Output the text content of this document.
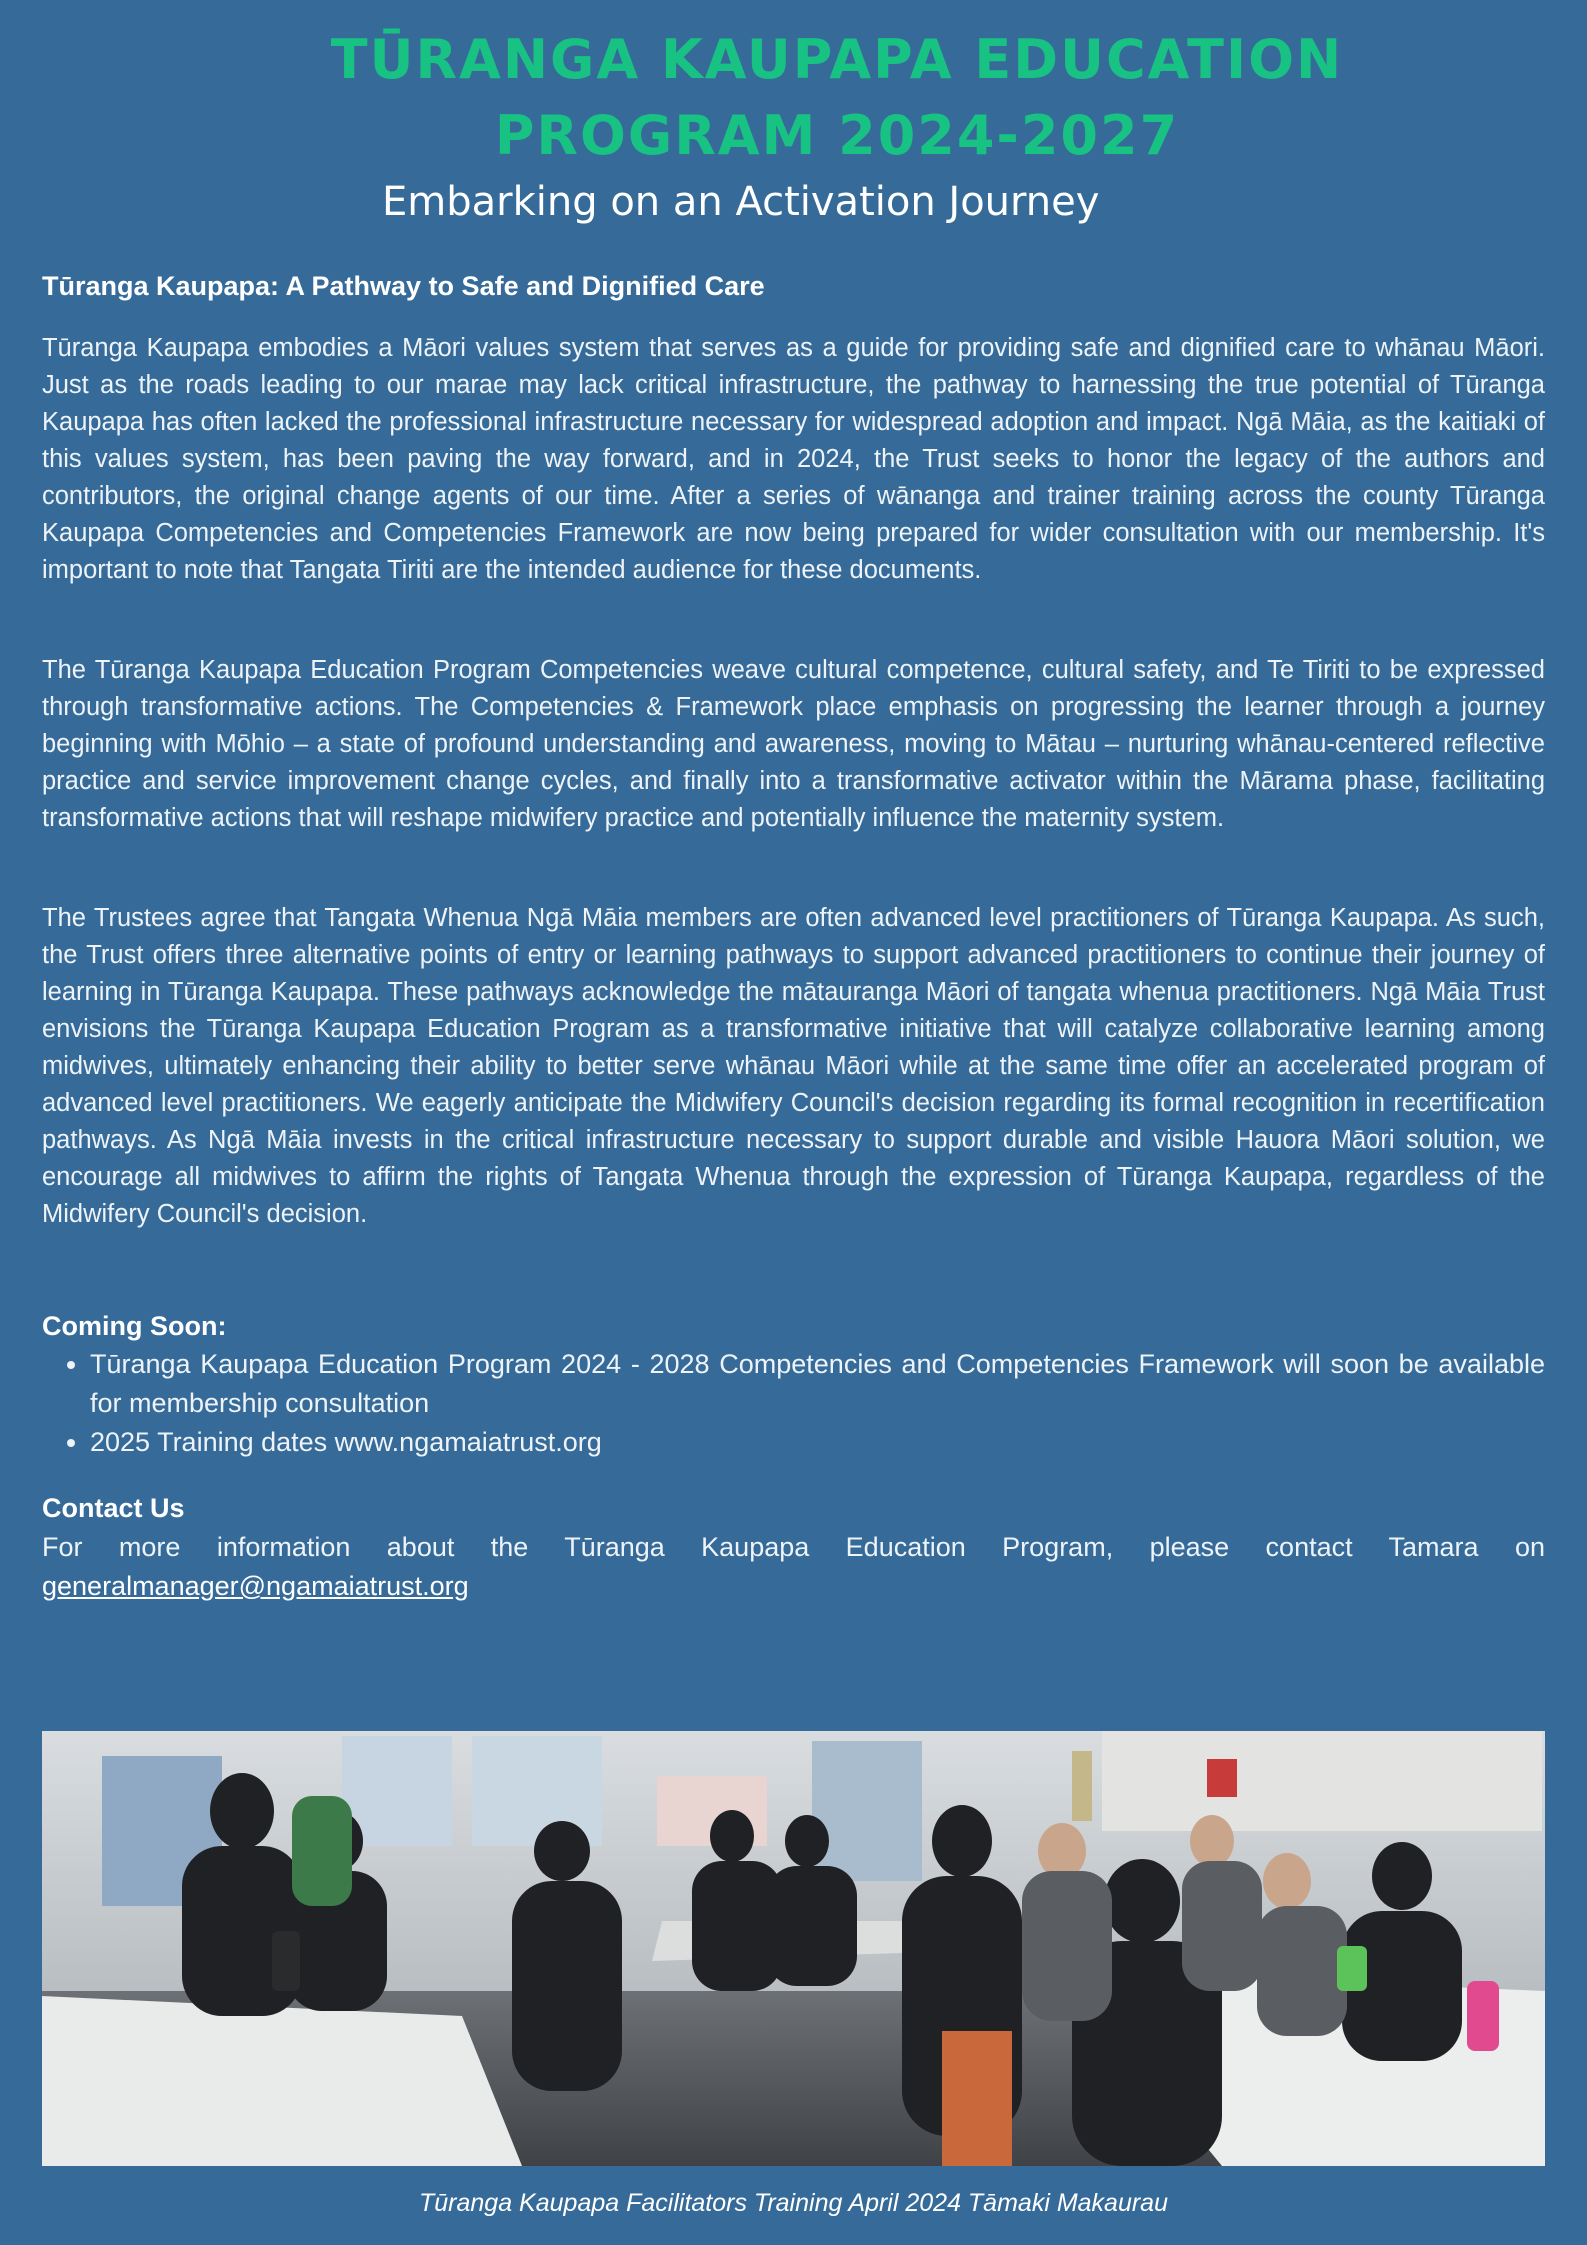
TŪRANGA KAUPAPA EDUCATION PROGRAM 2024-2027
Embarking on an Activation Journey
Tūranga Kaupapa: A Pathway to Safe and Dignified Care

Tūranga Kaupapa embodies a Māori values system that serves as a guide for providing safe and dignified care to whānau Māori. Just as the roads leading to our marae may lack critical infrastructure, the pathway to harnessing the true potential of Tūranga Kaupapa has often lacked the professional infrastructure necessary for widespread adoption and impact. Ngā Māia, as the kaitiaki of this values system, has been paving the way forward, and in 2024, the Trust seeks to honor the legacy of the authors and contributors, the original change agents of our time. After a series of wānanga and trainer training across the county Tūranga Kaupapa Competencies and Competencies Framework are now being prepared for wider consultation with our membership. It's important to note that Tangata Tiriti are the intended audience for these documents.

The Tūranga Kaupapa Education Program Competencies weave cultural competence, cultural safety, and Te Tiriti to be expressed through transformative actions. The Competencies & Framework place emphasis on progressing the learner through a journey beginning with Mōhio – a state of profound understanding and awareness, moving to Mātau – nurturing whānau-centered reflective practice and service improvement change cycles, and finally into a transformative activator within the Mārama phase, facilitating transformative actions that will reshape midwifery practice and potentially influence the maternity system.

The Trustees agree that Tangata Whenua Ngā Māia members are often advanced level practitioners of Tūranga Kaupapa. As such, the Trust offers three alternative points of entry or learning pathways to support advanced practitioners to continue their journey of learning in Tūranga Kaupapa. These pathways acknowledge the mātauranga Māori of tangata whenua practitioners. Ngā Māia Trust envisions the Tūranga Kaupapa Education Program as a transformative initiative that will catalyze collaborative learning among midwives, ultimately enhancing their ability to better serve whānau Māori while at the same time offer an accelerated program of advanced level practitioners. We eagerly anticipate the Midwifery Council's decision regarding its formal recognition in recertification pathways. As Ngā Māia invests in the critical infrastructure necessary to support durable and visible Hauora Māori solution, we encourage all midwives to affirm the rights of Tangata Whenua through the expression of Tūranga Kaupapa, regardless of the Midwifery Council's decision.

Coming Soon:
• Tūranga Kaupapa Education Program 2024 - 2028 Competencies and Competencies Framework will soon be available for membership consultation
• 2025 Training dates www.ngamaiatrust.org
Contact Us

For more information about the Tūranga Kaupapa Education Program, please contact Tamara on

generalmanager@ngamaiatrust.org

Tūranga Kaupapa Facilitators Training April 2024 Tāmaki Makaurau
